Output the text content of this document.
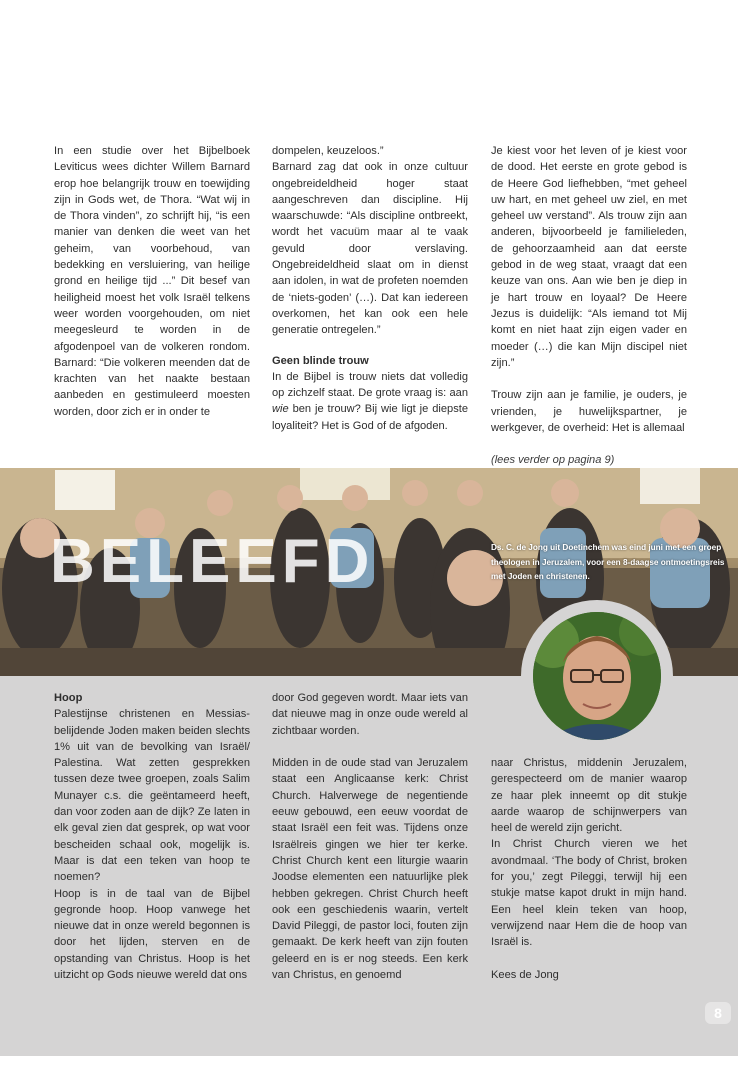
In een studie over het Bijbelboek Leviticus wees dichter Willem Barnard erop hoe belangrijk trouw en toewijding zijn in Gods wet, de Thora. “Wat wij in de Thora vinden”, zo schrijft hij, “is een manier van denken die weet van het geheim, van voorbehoud, van bedekking en versluiering, van heilige grond en heilige tijd ...” Dit besef van heiligheid moest het volk Israël telkens weer worden voorgehouden, om niet meegesleurd te worden in de afgodenpoel van de volkeren rondom. Barnard: “Die volkeren meenden dat de krachten van het naakte bestaan aanbeden en gestimuleerd moesten worden, door zich er in onder te

dompelen, keuzeloos.”

Barnard zag dat ook in onze cultuur ongebreideldheid hoger staat aangeschreven dan discipline. Hij waarschuwde: “Als discipline ontbreekt, wordt het vacuüm maar al te vaak gevuld door verslaving. Ongebreideldheid slaat om in dienst aan idolen, in wat de profeten noemden de ‘niets-goden’ (…). Dat kan iedereen overkomen, het kan ook een hele generatie ontregelen.”

Geen blinde trouw

In de Bijbel is trouw niets dat volledig op zichzelf staat. De grote vraag is: aan wie ben je trouw? Bij wie ligt je diepste loyaliteit? Het is God of de afgoden.

Je kiest voor het leven of je kiest voor de dood. Het eerste en grote gebod is de Heere God liefhebben, “met geheel uw hart, en met geheel uw ziel, en met geheel uw verstand”. Als trouw zijn aan anderen, bijvoorbeeld je familieleden, de gehoorzaamheid aan dat eerste gebod in de weg staat, vraagt dat een keuze van ons. Aan wie ben je diep in je hart trouw en loyaal? De Heere Jezus is duidelijk: “Als iemand tot Mij komt en niet haat zijn eigen vader en moeder (…) die kan Mijn discipel niet zijn.”

Trouw zijn aan je familie, je ouders, je vrienden, je huwelijkspartner, je werkgever, de overheid: Het is allemaal

(lees verder op pagina 9)

BELEEFD	Ds. C. de Jong uit Doetinchem was eind juni met een groep theologen in Jeruzalem, voor een 8-daagse ontmoetingsreis met Joden en christenen.
Hoop

Palestijnse christenen en Messias-belijdende Joden maken beiden slechts 1% uit van de bevolking van Israël/ Palestina. Wat zetten gesprekken tussen deze twee groepen, zoals Salim Munayer c.s. die geëntameerd heeft, dan voor zoden aan de dijk? Ze laten in elk geval zien dat gesprek, op wat voor bescheiden schaal ook, mogelijk is. Maar is dat een teken van hoop te noemen?

Hoop is in de taal van de Bijbel gegronde hoop. Hoop vanwege het nieuwe dat in onze wereld begonnen is door het lijden, sterven en de opstanding van Christus. Hoop is het uitzicht op Gods nieuwe wereld dat ons

door God gegeven wordt. Maar iets van dat nieuwe mag in onze oude wereld al zichtbaar worden.

Midden in de oude stad van Jeruzalem staat een Anglicaanse kerk: Christ Church. Halverwege de negentiende eeuw gebouwd, een eeuw voordat de staat Israël een feit was. Tijdens onze Israëlreis gingen we hier ter kerke. Christ Church kent een liturgie waarin Joodse elementen een natuurlijke plek hebben gekregen. Christ Church heeft ook een geschiedenis waarin, vertelt David Pileggi, de pastor loci, fouten zijn gemaakt. De kerk heeft van zijn fouten geleerd en is er nog steeds. Een kerk van Christus, en genoemd

naar Christus, middenin Jeruzalem, gerespecteerd om de manier waarop ze haar plek inneemt op dit stukje aarde waarop de schijnwerpers van heel de wereld zijn gericht.

In Christ Church vieren we het avondmaal. ‘The body of Christ, broken for you,’ zegt Pileggi, terwijl hij een stukje matse kapot drukt in mijn hand. Een heel klein teken van hoop, verwijzend naar Hem die de hoop van Israël is.

Kees de Jong

8
